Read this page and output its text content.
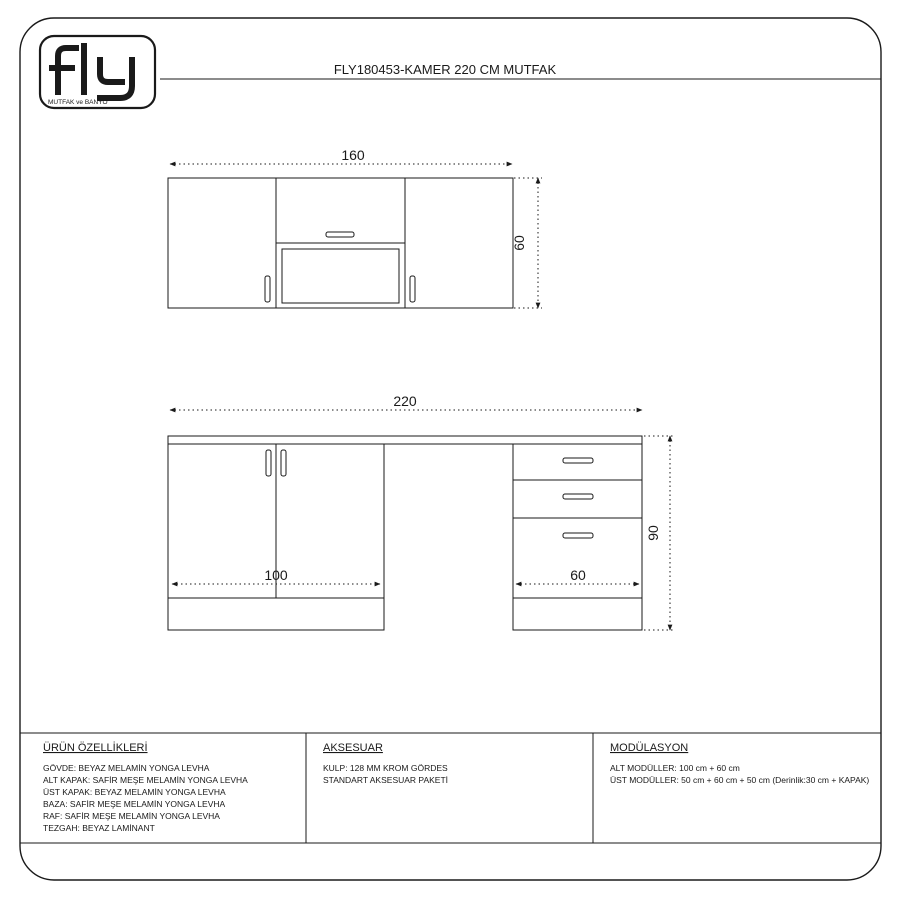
FLY180453-KAMER 220 CM MUTFAK
MUTFAK ve BANYO
160
60
220
90
100	60
ÜRÜN ÖZELLİKLERİ
GÖVDE: BEYAZ MELAMİN YONGA LEVHA
ALT KAPAK: SAFİR MEŞE MELAMİN YONGA LEVHA
ÜST KAPAK: BEYAZ MELAMİN YONGA LEVHA
BAZA: SAFİR MEŞE MELAMİN YONGA LEVHA
RAF: SAFİR MEŞE MELAMİN YONGA LEVHA
TEZGAH: BEYAZ LAMİNANT
AKSESUAR
KULP: 128 MM KROM GÖRDES
STANDART AKSESUAR PAKETİ
MODÜLASYON
ALT MODÜLLER: 100 cm + 60 cm
ÜST MODÜLLER: 50 cm + 60 cm + 50 cm (Derinlik:30 cm + KAPAK)
